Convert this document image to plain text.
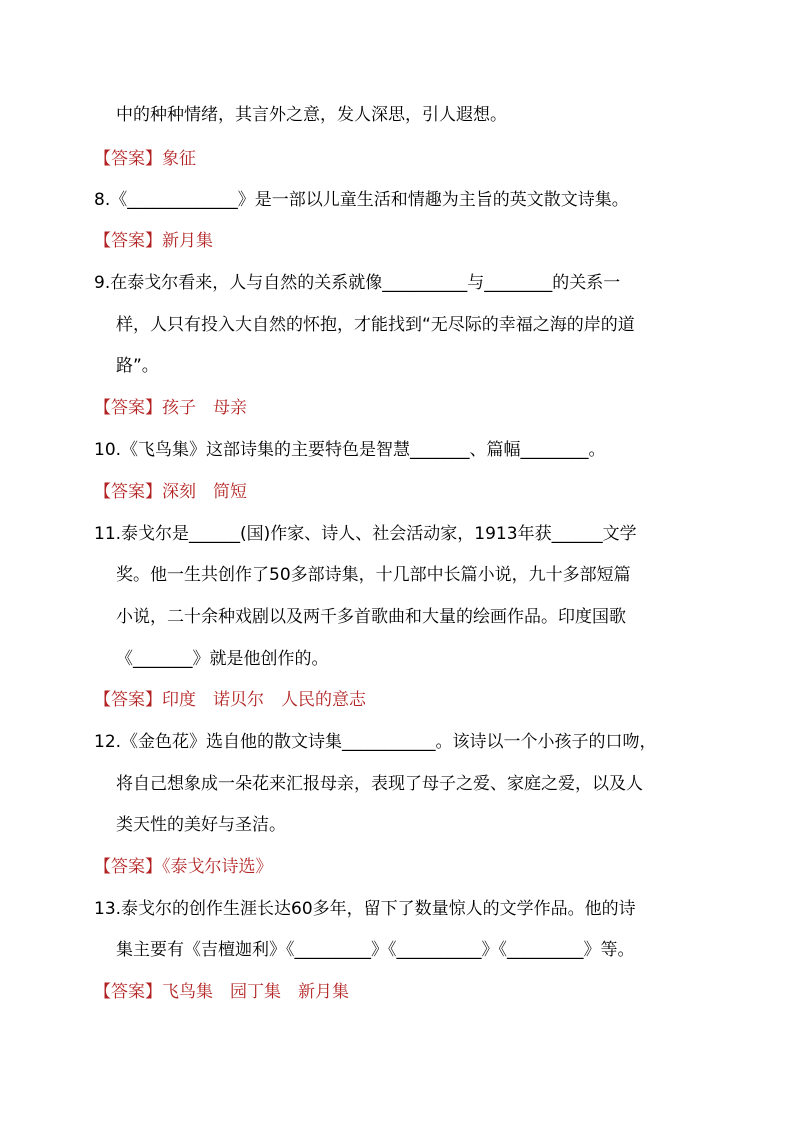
中的种种情绪，其言外之意，发人深思，引人遐想。
【答案】象征
8.《_____________》是一部以儿童生活和情趣为主旨的英文散文诗集。
【答案】新月集
9.在泰戈尔看来，人与自然的关系就像__________与________的关系一
样，人只有投入大自然的怀抱，才能找到“无尽际的幸福之海的岸的道
路”。
【答案】孩子　母亲
10.《飞鸟集》这部诗集的主要特色是智慧_______、篇幅________。
【答案】深刻　简短
11.泰戈尔是______(国)作家、诗人、社会活动家，1913年获______文学
奖。他一生共创作了50多部诗集，十几部中长篇小说，九十多部短篇
小说，二十余种戏剧以及两千多首歌曲和大量的绘画作品。印度国歌
《_______》就是他创作的。
【答案】印度　诺贝尔　人民的意志
12.《金色花》选自他的散文诗集___________。该诗以一个小孩子的口吻，
将自己想象成一朵花来汇报母亲，表现了母子之爱、家庭之爱，以及人
类天性的美好与圣洁。
【答案】《泰戈尔诗选》
13.泰戈尔的创作生涯长达60多年，留下了数量惊人的文学作品。他的诗
集主要有《吉檀迦利》《_________》《__________》《_________》等。
【答案】飞鸟集　园丁集　新月集
